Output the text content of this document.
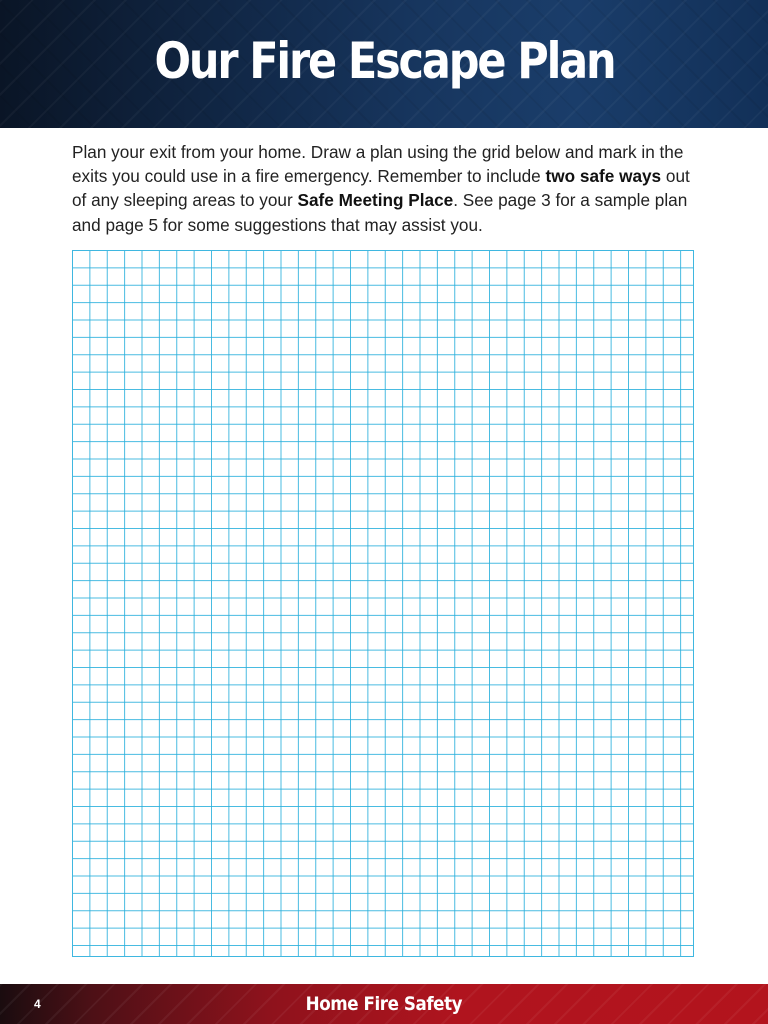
Our Fire Escape Plan

Plan your exit from your home. Draw a plan using the grid below and mark in the exits you could use in a fire emergency. Remember to include two safe ways out of any sleeping areas to your Safe Meeting Place. See page 3 for a sample plan and page 5 for some suggestions that may assist you.

4	Home Fire Safety
